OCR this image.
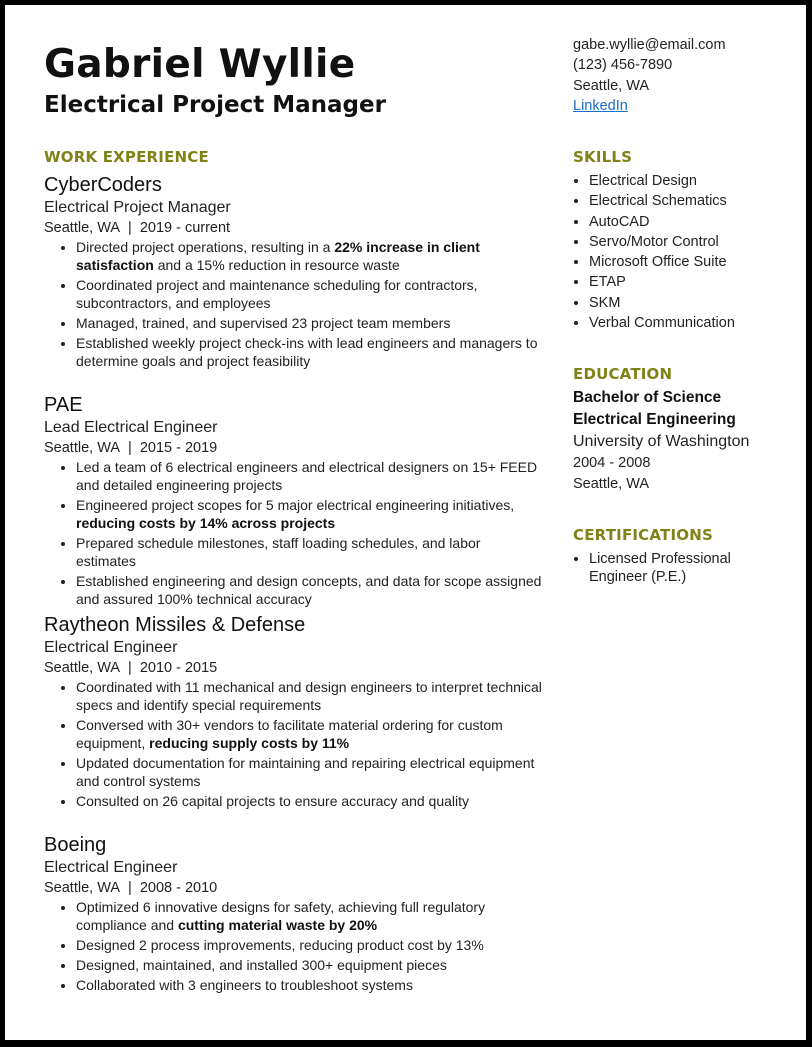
Gabriel Wyllie
Electrical Project Manager
gabe.wyllie@email.com
(123) 456-7890
Seattle, WA
LinkedIn
WORK EXPERIENCE

CyberCoders

Electrical Project Manager

Seattle, WA | 2019 - current

• Directed project operations, resulting in a 22% increase in client satisfaction and a 15% reduction in resource waste
• Coordinated project and maintenance scheduling for contractors, subcontractors, and employees
• Managed, trained, and supervised 23 project team members
• Established weekly project check-ins with lead engineers and managers to determine goals and project feasibility

PAE

Lead Electrical Engineer

Seattle, WA | 2015 - 2019

• Led a team of 6 electrical engineers and electrical designers on 15+ FEED and detailed engineering projects
• Engineered project scopes for 5 major electrical engineering initiatives, reducing costs by 14% across projects
• Prepared schedule milestones, staff loading schedules, and labor estimates
• Established engineering and design concepts, and data for scope assigned and assured 100% technical accuracy

Raytheon Missiles & Defense

Electrical Engineer

Seattle, WA | 2010 - 2015

• Coordinated with 11 mechanical and design engineers to interpret technical specs and identify special requirements
• Conversed with 30+ vendors to facilitate material ordering for custom equipment, reducing supply costs by 11%
• Updated documentation for maintaining and repairing electrical equipment and control systems
• Consulted on 26 capital projects to ensure accuracy and quality

Boeing

Electrical Engineer

Seattle, WA | 2008 - 2010

• Optimized 6 innovative designs for safety, achieving full regulatory compliance and cutting material waste by 20%
• Designed 2 process improvements, reducing product cost by 13%
• Designed, maintained, and installed 300+ equipment pieces
• Collaborated with 3 engineers to troubleshoot systems
SKILLS
• Electrical Design
• Electrical Schematics
• AutoCAD
• Servo/Motor Control
• Microsoft Office Suite
• ETAP
• SKM
• Verbal Communication
EDUCATION

Bachelor of Science

Electrical Engineering

University of Washington

2004 - 2008

Seattle, WA

CERTIFICATIONS
• Licensed Professional Engineer (P.E.)
